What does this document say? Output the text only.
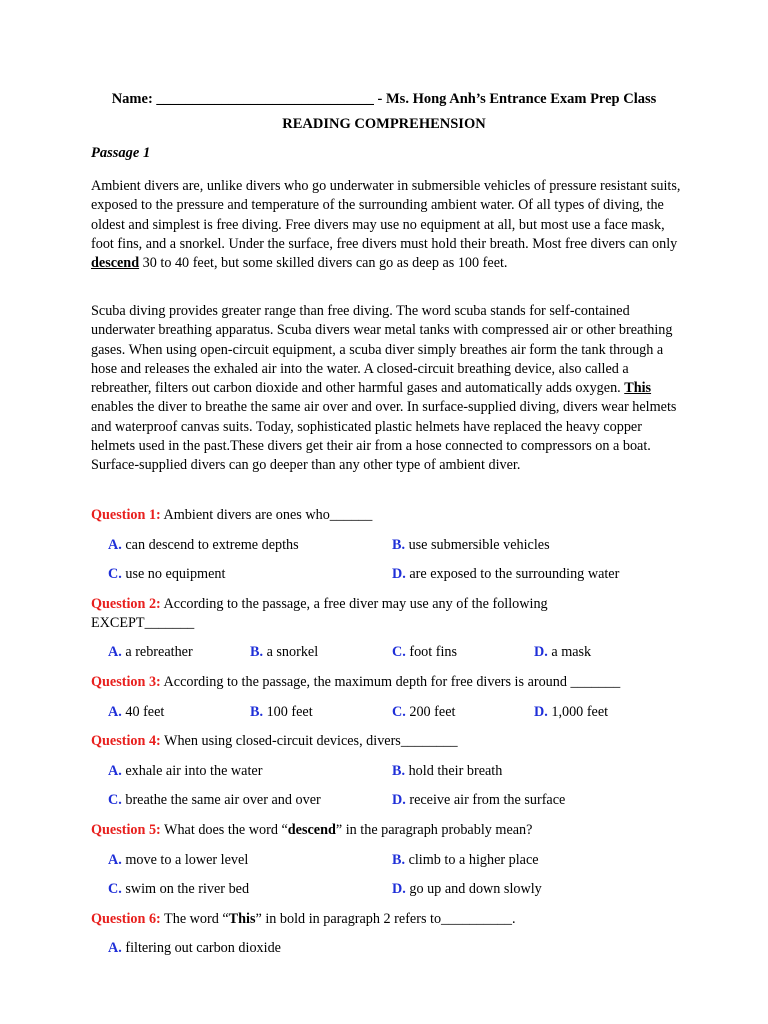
Name: ______________________________ - Ms. Hong Anh’s Entrance Exam Prep Class
READING COMPREHENSION
Passage 1

Ambient divers are, unlike divers who go underwater in submersible vehicles of pressure resistant suits, exposed to the pressure and temperature of the surrounding ambient water. Of all types of diving, the oldest and simplest is free diving. Free divers may use no equipment at all, but most use a face mask, foot fins, and a snorkel. Under the surface, free divers must hold their breath. Most free divers can only descend 30 to 40 feet, but some skilled divers can go as deep as 100 feet.

Scuba diving provides greater range than free diving. The word scuba stands for self-contained underwater breathing apparatus. Scuba divers wear metal tanks with compressed air or other breathing gases. When using open-circuit equipment, a scuba diver simply breathes air form the tank through a hose and releases the exhaled air into the water. A closed-circuit breathing device, also called a rebreather, filters out carbon dioxide and other harmful gases and automatically adds oxygen. This enables the diver to breathe the same air over and over. In surface-supplied diving, divers wear helmets and waterproof canvas suits. Today, sophisticated plastic helmets have replaced the heavy copper helmets used in the past.These divers get their air from a hose connected to compressors on a boat. Surface-supplied divers can go deeper than any other type of ambient diver.

Question 1: Ambient divers are ones who______
A. can descend to extreme depths	B. use submersible vehicles
C. use no equipment	D. are exposed to the surrounding water
Question 2: According to the passage, a free diver may use any of the following EXCEPT_______
A. a rebreather	B. a snorkel	C. foot fins	D. a mask
Question 3: According to the passage, the maximum depth for free divers is around _______
A. 40 feet	B. 100 feet	C. 200 feet	D. 1,000 feet
Question 4: When using closed-circuit devices, divers________
A. exhale air into the water	B. hold their breath
C. breathe the same air over and over	D. receive air from the surface
Question 5: What does the word “descend” in the paragraph probably mean?
A. move to a lower level	B. climb to a higher place
C. swim on the river bed	D. go up and down slowly
Question 6: The word “This” in bold in paragraph 2 refers to__________.
A. filtering out carbon dioxide
